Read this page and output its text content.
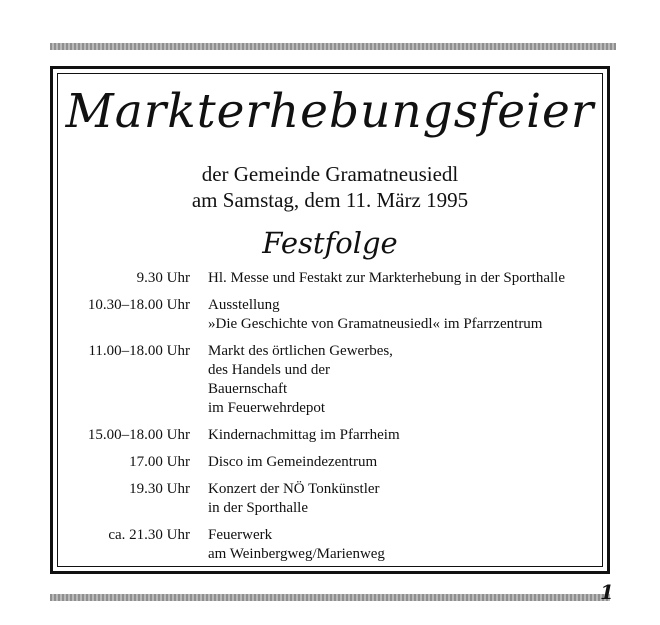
Markterhebungsfeier
der Gemeinde Gramatneusiedl
am Samstag, dem 11. März 1995
Festfolge
9.30 Uhr	Hl. Messe und Festakt zur Markterhebung in der Sporthalle
10.30–18.00 Uhr	Ausstellung
»Die Geschichte von Gramatneusiedl« im Pfarrzentrum
11.00–18.00 Uhr	Markt des örtlichen Gewerbes,
des Handels und der
Bauernschaft
im Feuerwehrdepot
15.00–18.00 Uhr	Kindernachmittag im Pfarrheim
17.00 Uhr	Disco im Gemeindezentrum
19.30 Uhr	Konzert der NÖ Tonkünstler
in der Sporthalle
ca. 21.30 Uhr	Feuerwerk
am Weinbergweg/Marienweg
1
